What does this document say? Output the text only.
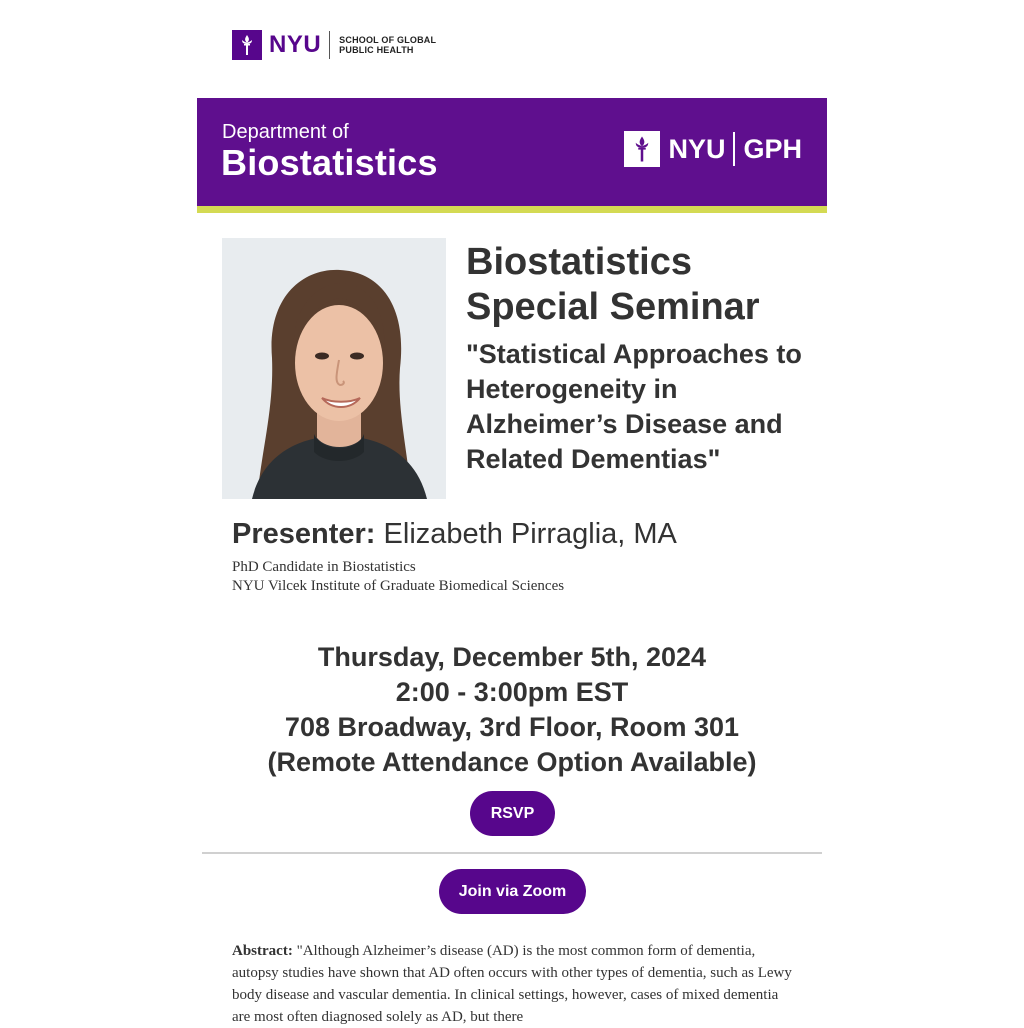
NYU SCHOOL OF GLOBAL
PUBLIC HEALTH
Department of
Biostatistics	NYU GPH
Biostatistics
Special Seminar
"Statistical Approaches to
Heterogeneity in
Alzheimer’s Disease and
Related Dementias"
Presenter: Elizabeth Pirraglia, MA
PhD Candidate in Biostatistics
NYU Vilcek Institute of Graduate Biomedical Sciences
Thursday, December 5th, 2024
2:00 - 3:00pm EST
708 Broadway, 3rd Floor, Room 301
(Remote Attendance Option Available)
RSVP
Join via Zoom
Abstract: "Although Alzheimer’s disease (AD) is the most common form of dementia, autopsy studies have shown that AD often occurs with other types of dementia, such as Lewy body disease and vascular dementia. In clinical settings, however, cases of mixed dementia are most often diagnosed solely as AD, but there
